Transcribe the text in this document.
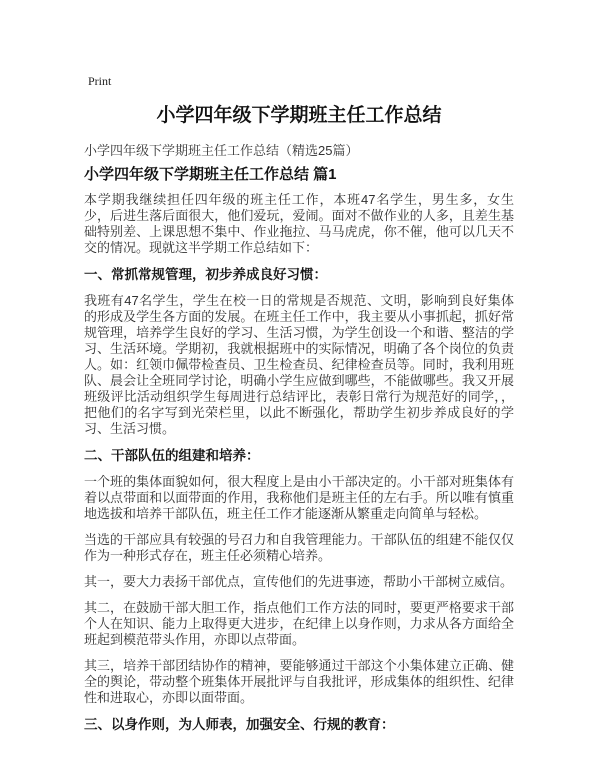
Print
小学四年级下学期班主任工作总结
小学四年级下学期班主任工作总结（精选25篇）
小学四年级下学期班主任工作总结 篇1

本学期我继续担任四年级的班主任工作，本班47名学生，男生多，女生少，后进生落后面很大，他们爱玩，爱闹。面对不做作业的人多，且差生基础特别差、上课思想不集中、作业拖拉、马马虎虎，你不催，他可以几天不交的情况。现就这半学期工作总结如下：

一、常抓常规管理，初步养成良好习惯：

我班有47名学生，学生在校一日的常规是否规范、文明，影响到良好集体的形成及学生各方面的发展。在班主任工作中，我主要从小事抓起，抓好常规管理，培养学生良好的学习、生活习惯，为学生创设一个和谐、整洁的学习、生活环境。学期初，我就根据班中的实际情况，明确了各个岗位的负责人。如：红领巾佩带检查员、卫生检查员、纪律检查员等。同时，我利用班队、晨会让全班同学讨论，明确小学生应做到哪些，不能做哪些。我又开展班级评比活动组织学生每周进行总结评比，表彰日常行为规范好的同学，，把他们的名字写到光荣栏里，以此不断强化，帮助学生初步养成良好的学习、生活习惯。

二、干部队伍的组建和培养：

一个班的集体面貌如何，很大程度上是由小干部决定的。小干部对班集体有着以点带面和以面带面的作用，我称他们是班主任的左右手。所以唯有慎重地选拔和培养干部队伍，班主任工作才能逐渐从繁重走向简单与轻松。

当选的干部应具有较强的号召力和自我管理能力。干部队伍的组建不能仅仅作为一种形式存在，班主任必须精心培养。

其一，要大力表扬干部优点，宣传他们的先进事迹，帮助小干部树立威信。

其二，在鼓励干部大胆工作，指点他们工作方法的同时，要更严格要求干部个人在知识、能力上取得更大进步，在纪律上以身作则，力求从各方面给全班起到模范带头作用，亦即以点带面。

其三，培养干部团结协作的精神，要能够通过干部这个小集体建立正确、健全的舆论，带动整个班集体开展批评与自我批评，形成集体的组织性、纪律性和进取心，亦即以面带面。

三、以身作则，为人师表，加强安全、行规的教育：
